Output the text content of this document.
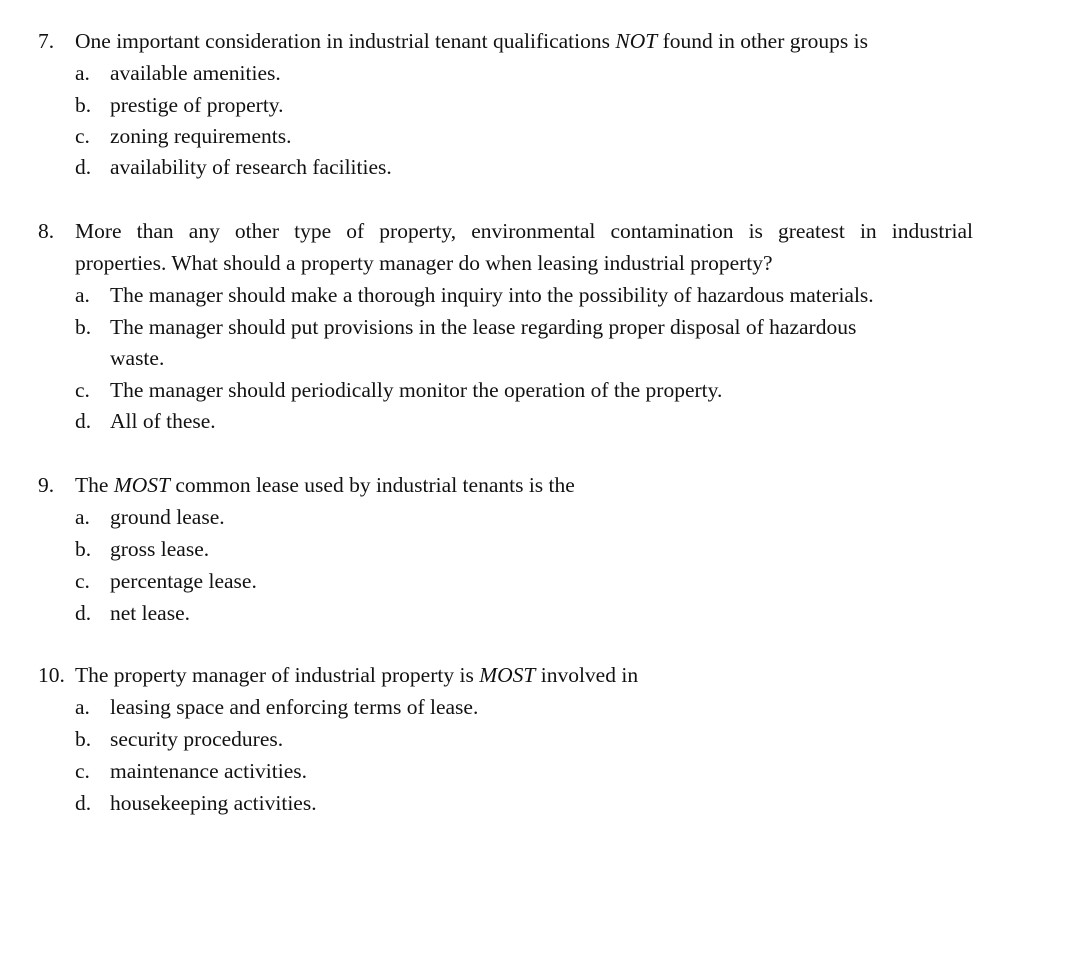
7. One important consideration in industrial tenant qualifications NOT found in other groups is
a. available amenities.
b. prestige of property.
c. zoning requirements.
d. availability of research facilities.
8. More than any other type of property, environmental contamination is greatest in industrial
properties. What should a property manager do when leasing industrial property?
a. The manager should make a thorough inquiry into the possibility of hazardous materials.
b. The manager should put provisions in the lease regarding proper disposal of hazardous
waste.
c. The manager should periodically monitor the operation of the property.
d. All of these.
9. The MOST common lease used by industrial tenants is the
a. ground lease.
b. gross lease.
c. percentage lease.
d. net lease.
10. The property manager of industrial property is MOST involved in
a. leasing space and enforcing terms of lease.
b. security procedures.
c. maintenance activities.
d. housekeeping activities.
